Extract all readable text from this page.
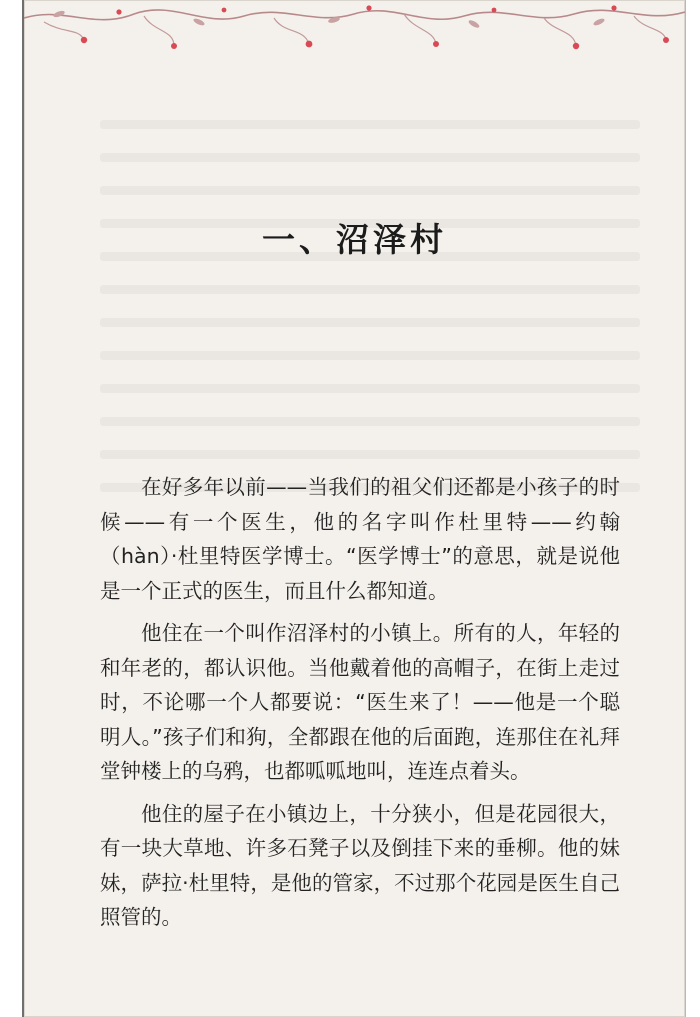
一、沼泽村

在好多年以前——当我们的祖父们还都是小孩子的时候——有一个医生，他的名字叫作杜里特——约翰（hàn）·杜里特医学博士。“医学博士”的意思，就是说他是一个正式的医生，而且什么都知道。

他住在一个叫作沼泽村的小镇上。所有的人，年轻的和年老的，都认识他。当他戴着他的高帽子，在街上走过时，不论哪一个人都要说：“医生来了！——他是一个聪明人。”孩子们和狗，全都跟在他的后面跑，连那住在礼拜堂钟楼上的乌鸦，也都呱呱地叫，连连点着头。

他住的屋子在小镇边上，十分狭小，但是花园很大，有一块大草地、许多石凳子以及倒挂下来的垂柳。他的妹妹，萨拉·杜里特，是他的管家，不过那个花园是医生自己照管的。
